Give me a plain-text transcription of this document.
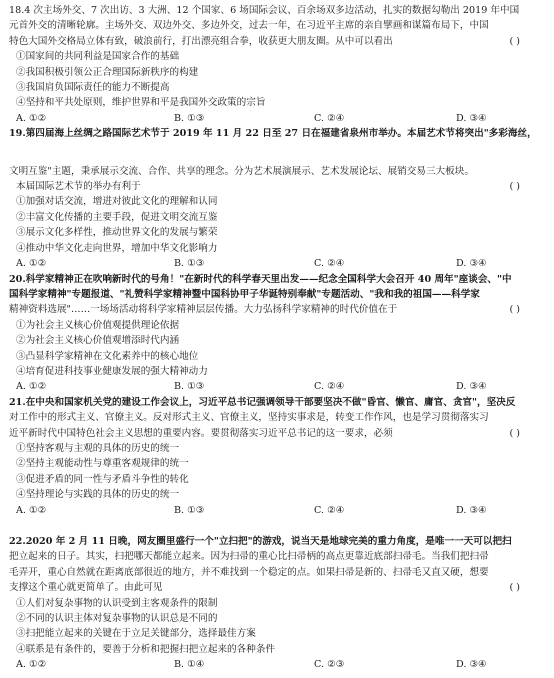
18.4 次主场外交、7 次出访、3 大洲、12 个国家、6 场国际会议、百余场双多边活动，扎实的数据勾勒出 2019 年中国
元首外交的清晰轮廓。主场外交、双边外交、多边外交，过去一年，在习近平主席的亲自擘画和谋篇布局下，中国
特色大国外交格局立体有致，破浪前行，打出漂亮组合拳，收获更大朋友圈。从中可以看出	( )
①国家间的共同利益是国家合作的基础
②我国积极引领公正合理国际新秩序的构建
③我国肩负国际责任的能力不断提高
④坚持和平共处原则，维护世界和平是我国外交政策的宗旨
A. ①②	B. ①③	C. ②④	D. ③④
19.第四届海上丝绸之路国际艺术节于 2019 年 11 月 22 日至 27 日在福建省泉州市举办。本届艺术节将突出"多彩海丝，
文明互鉴"主题，秉承展示交流、合作、共享的理念。分为艺术展演展示、艺术发展论坛、展销交易三大板块。
本届国际艺术节的举办有利于	( )
①加强对话交流，增进对彼此文化的理解和认同
②丰富文化传播的主要手段，促进文明交流互鉴
③展示文化多样性，推动世界文化的发展与繁荣
④推动中华文化走向世界，增加中华文化影响力
A. ①②	B. ①③	C. ②④	D. ③④
20.科学家精神正在吹响新时代的号角！"在新时代的科学春天里出发——纪念全国科学大会召开 40 周年"座谈会、"中
国科学家精神"专题报道、"礼赞科学家精神暨中国科协甲子华诞特别奉献"专题活动、"我和我的祖国——科学家
精神资料选展"……一场场活动将科学家精神层层传播。大力弘扬科学家精神的时代价值在于	( )
①为社会主义核心价值观提供理论依据
②为社会主义核心价值观增添时代内涵
③凸显科学家精神在文化素养中的核心地位
④培育促进科技事业健康发展的强大精神动力
A. ①②	B. ①③	C. ②④	D. ③④
21.在中央和国家机关党的建设工作会议上，习近平总书记强调领导干部要坚决不做"昏官、懒官、庸官、贪官"，坚决反
对工作中的形式主义、官僚主义。反对形式主义、官僚主义，坚持实事求是，转变工作作风，也是学习贯彻落实习
近平新时代中国特色社会主义思想的重要内容。要贯彻落实习近平总书记的这一要求，必须	( )
①坚持客观与主观的具体的历史的统一
②坚持主观能动性与尊重客观规律的统一
③促进矛盾的同一性与矛盾斗争性的转化
④坚持理论与实践的具体的历史的统一
A. ①②	B. ①③	C. ②④	D. ③④
22.2020 年 2 月 11 日晚，网友圈里盛行一个"立扫把"的游戏，说当天是地球完美的重力角度，是唯一一天可以把扫
把立起来的日子。其实，扫把哪天都能立起来。因为扫帚的重心比扫帚柄的高点更靠近底部扫帚毛。当我们把扫帚
毛弄开，重心自然就在距离底部很近的地方，并不难找到一个稳定的点。如果扫帚是新的、扫帚毛又直又硬，想要
支撑这个重心就更简单了。由此可见	( )
①人们对复杂事物的认识受到主客观条件的限制
②不同的认识主体对复杂事物的认识总是不同的
③扫把能立起来的关键在于立足关键部分，选择最佳方案
④联系是有条件的，要善于分析和把握扫把立起来的各种条件
A. ①②	B. ①④	C. ②③	D. ③④
